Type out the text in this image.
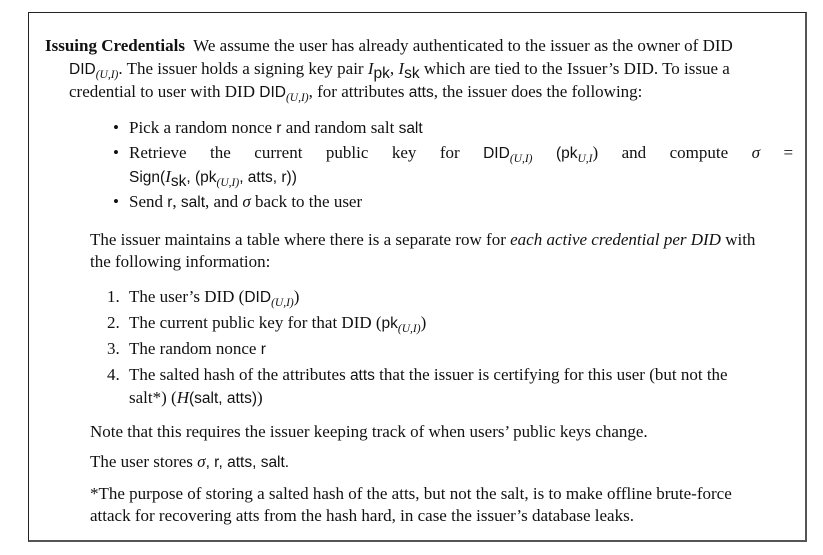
Issuing Credentials We assume the user has already authenticated to the issuer as the owner of DID
$DID_{(U,I)}$. The issuer holds a signing key pair $I_{pk}$, $I_{sk}$ which are tied to the Issuer’s DID. To issue a
credential to user with DID $DID_{(U,I)}$, for attributes atts, the issuer does the following:

• Pick a random nonce r and random salt salt
• Retrieve the current public key for $DID_{(U,I)}$ $(pk_{U,I})$ and compute σ =
$Sign(I_{sk}$, ($pk_{(U,I)}$, atts, r))
• Send r, salt, and σ back to the user

The issuer maintains a table where there is a separate row for each active credential per DID with
the following information:

1. The user’s DID $(DID_{(U,I)})$
2. The current public key for that DID $(pk_{(U,I)})$
3. The random nonce r
4. The salted hash of the attributes atts that the issuer is certifying for this user (but not the
salt*) (H(salt, atts))

Note that this requires the issuer keeping track of when users’ public keys change.

The user stores σ, r, atts, salt.

*The purpose of storing a salted hash of the atts, but not the salt, is to make offline brute-force
attack for recovering atts from the hash hard, in case the issuer’s database leaks.
